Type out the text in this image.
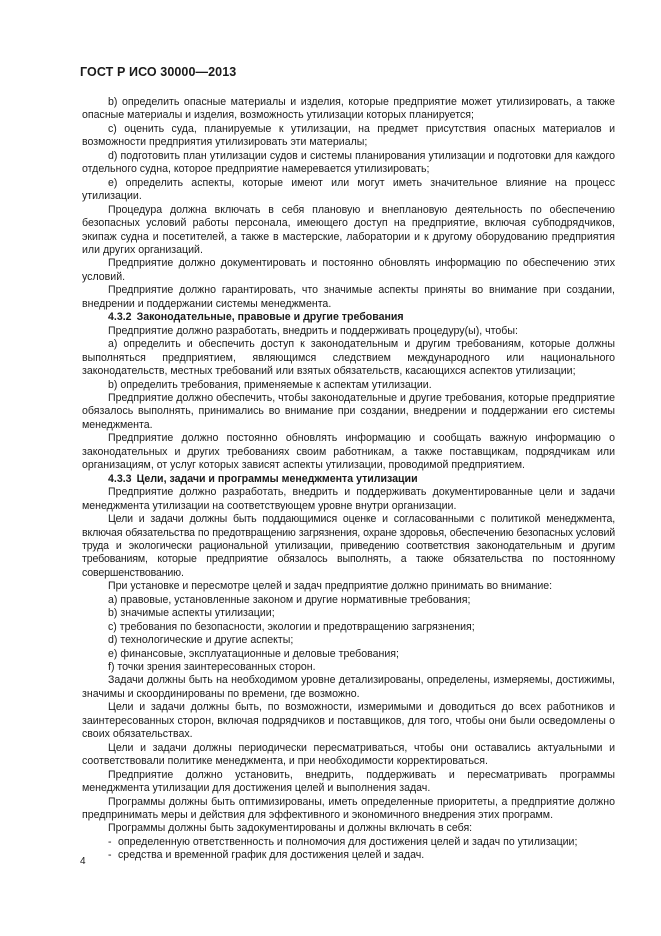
ГОСТ Р ИСО 30000—2013

b) определить опасные материалы и изделия, которые предприятие может утилизировать, а также опасные материалы и изделия, возможность утилизации которых планируется;

c) оценить суда, планируемые к утилизации, на предмет присутствия опасных материалов и возможности предприятия утилизировать эти материалы;

d) подготовить план утилизации судов и системы планирования утилизации и подготовки для каждого отдельного судна, которое предприятие намеревается утилизировать;

e) определить аспекты, которые имеют или могут иметь значительное влияние на процесс утилизации.

Процедура должна включать в себя плановую и внеплановую деятельность по обеспечению безопасных условий работы персонала, имеющего доступ на предприятие, включая субподрядчиков, экипаж судна и посетителей, а также в мастерские, лаборатории и к другому оборудованию предприятия или других организаций.

Предприятие должно документировать и постоянно обновлять информацию по обеспечению этих условий.

Предприятие должно гарантировать, что значимые аспекты приняты во внимание при создании, внедрении и поддержании системы менеджмента.

4.3.2 Законодательные, правовые и другие требования

Предприятие должно разработать, внедрить и поддерживать процедуру(ы), чтобы:

a) определить и обеспечить доступ к законодательным и другим требованиям, которые должны выполняться предприятием, являющимся следствием международного или национального законодательств, местных требований или взятых обязательств, касающихся аспектов утилизации;

b) определить требования, применяемые к аспектам утилизации.

Предприятие должно обеспечить, чтобы законодательные и другие требования, которые предприятие обязалось выполнять, принимались во внимание при создании, внедрении и поддержании его системы менеджмента.

Предприятие должно постоянно обновлять информацию и сообщать важную информацию о законодательных и других требованиях своим работникам, а также поставщикам, подрядчикам или организациям, от услуг которых зависят аспекты утилизации, проводимой предприятием.

4.3.3 Цели, задачи и программы менеджмента утилизации

Предприятие должно разработать, внедрить и поддерживать документированные цели и задачи менеджмента утилизации на соответствующем уровне внутри организации.

Цели и задачи должны быть поддающимися оценке и согласованными с политикой менеджмента, включая обязательства по предотвращению загрязнения, охране здоровья, обеспечению безопасных условий труда и экологически рациональной утилизации, приведению соответствия законодательным и другим требованиям, которые предприятие обязалось выполнять, а также обязательства по постоянному совершенствованию.

При установке и пересмотре целей и задач предприятие должно принимать во внимание:

a) правовые, установленные законом и другие нормативные требования;

b) значимые аспекты утилизации;

c) требования по безопасности, экологии и предотвращению загрязнения;

d) технологические и другие аспекты;

e) финансовые, эксплуатационные и деловые требования;

f) точки зрения заинтересованных сторон.

Задачи должны быть на необходимом уровне детализированы, определены, измеряемы, достижимы, значимы и скоординированы по времени, где возможно.

Цели и задачи должны быть, по возможности, измеримыми и доводиться до всех работников и заинтересованных сторон, включая подрядчиков и поставщиков, для того, чтобы они были осведомлены о своих обязательствах.

Цели и задачи должны периодически пересматриваться, чтобы они оставались актуальными и соответствовали политике менеджмента, и при необходимости корректироваться.

Предприятие должно установить, внедрить, поддерживать и пересматривать программы менеджмента утилизации для достижения целей и выполнения задач.

Программы должны быть оптимизированы, иметь определенные приоритеты, а предприятие должно предпринимать меры и действия для эффективного и экономичного внедрения этих программ.

Программы должны быть задокументированы и должны включать в себя:

- определенную ответственность и полномочия для достижения целей и задач по утилизации;

- средства и временной график для достижения целей и задач.

4
